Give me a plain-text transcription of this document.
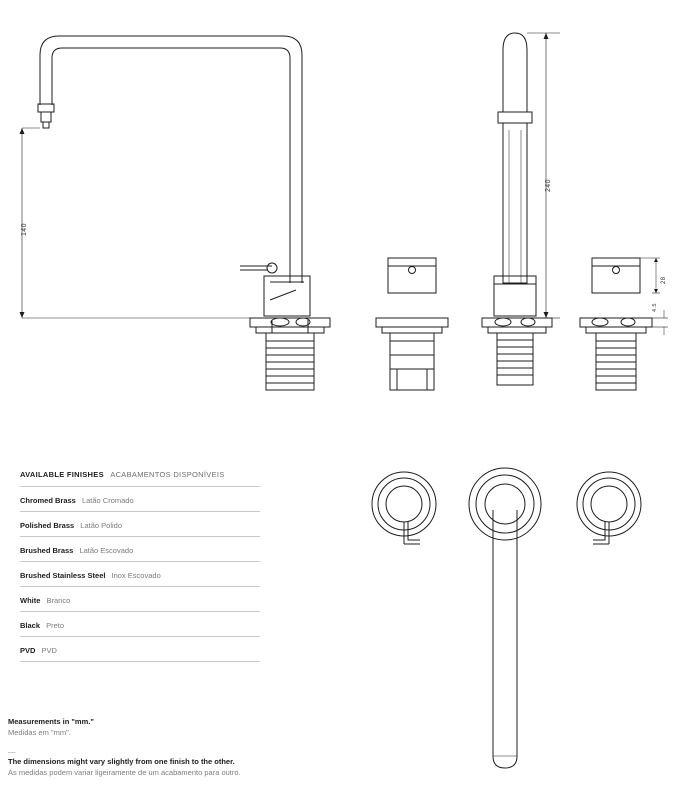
140
240
28
4.5
AVAILABLE FINISHES ACABAMENTOS DISPONÍVEIS
Chromed Brass Latão Cromado
Polished Brass Latão Polido
Brushed Brass Latão Escovado
Brushed Stainless Steel Inox Escovado
White Branco
Black Preto
PVD PVD
Measurements in "mm."
Medidas em "mm".
—
The dimensions might vary slightly from one finish to the other.
As medidas podem variar ligeiramente de um acabamento para outro.
